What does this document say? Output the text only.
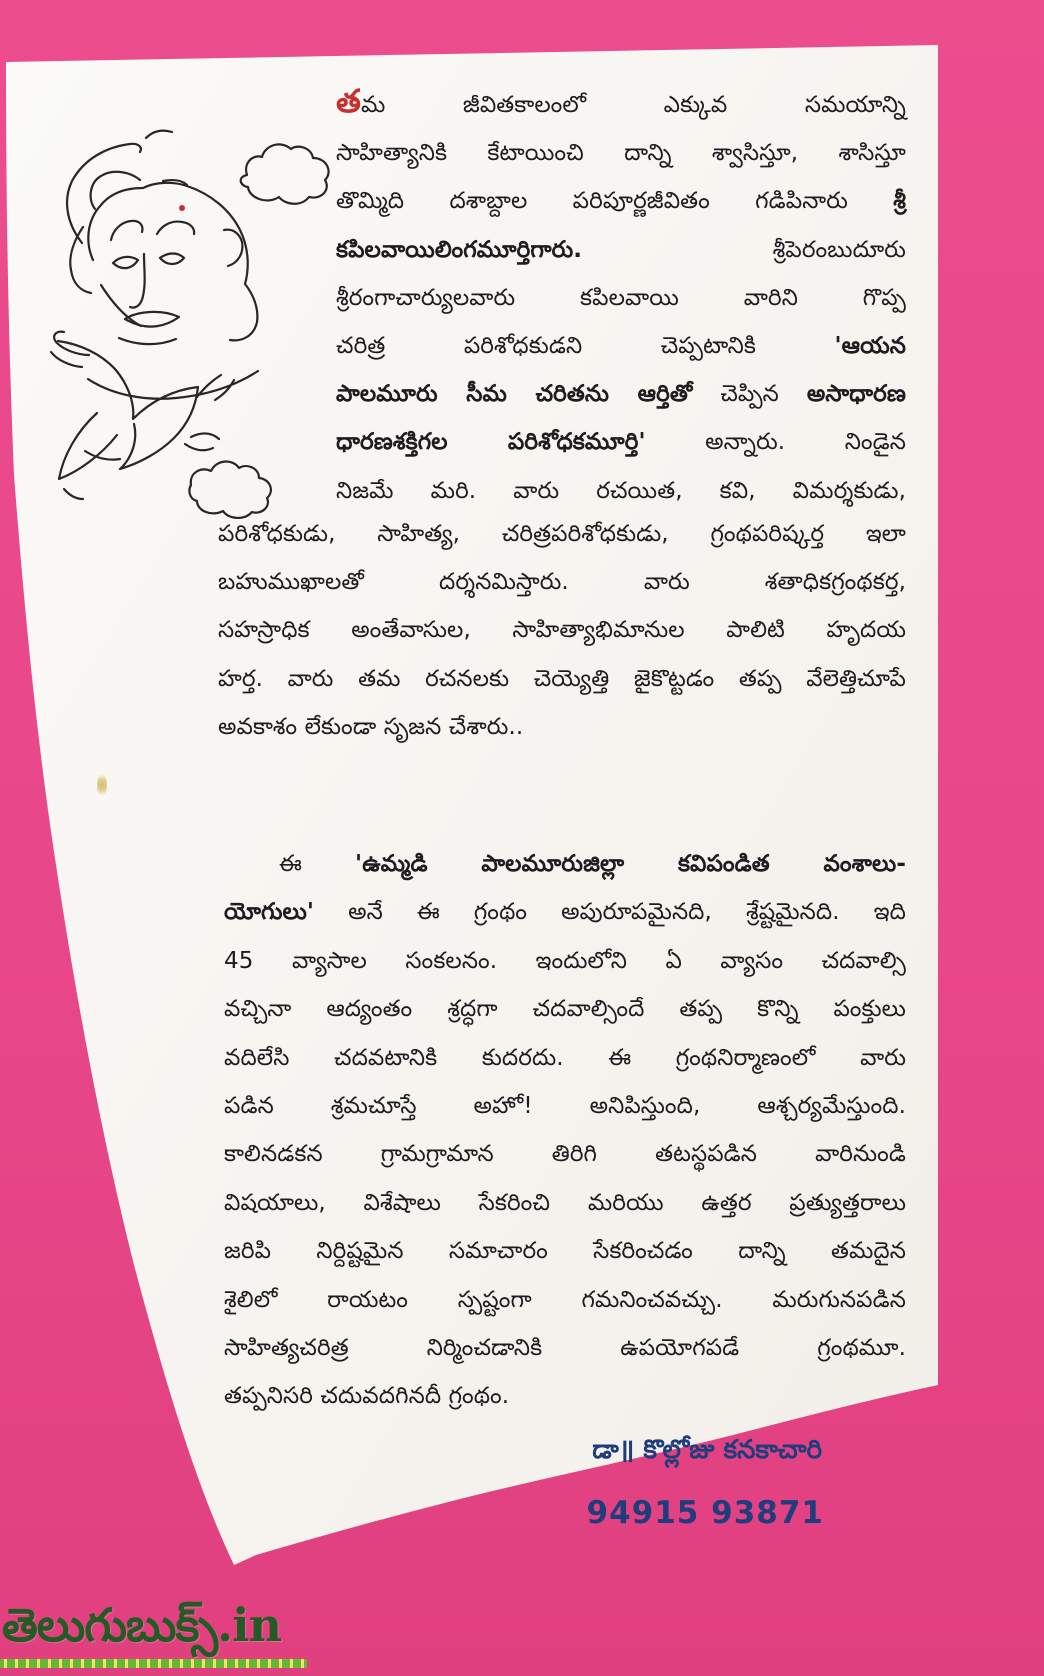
తమ జీవితకాలంలో ఎక్కువ సమయాన్ని
సాహిత్యానికి కేటాయించి దాన్ని శ్వాసిస్తూ, శాసిస్తూ
తొమ్మిది దశాబ్దాల పరిపూర్ణజీవితం గడిపినారు శ్రీ
కపిలవాయిలింగమూర్తిగారు. శ్రీపెరంబుదూరు
శ్రీరంగాచార్యులవారు కపిలవాయి వారిని గొప్ప
చరిత్ర పరిశోధకుడని చెప్పటానికి 'ఆయన
పాలమూరు సీమ చరితను ఆర్తితో చెప్పిన అసాధారణ
ధారణశక్తిగల పరిశోధకమూర్తి' అన్నారు. నిండైన
నిజమే మరి. వారు రచయిత, కవి, విమర్శకుడు,
పరిశోధకుడు, సాహిత్య, చరిత్రపరిశోధకుడు, గ్రంథపరిష్కర్త ఇలా
బహుముఖాలతో దర్శనమిస్తారు. వారు శతాధికగ్రంథకర్త,
సహస్రాధిక అంతేవాసుల, సాహిత్యాభిమానుల పాలిటి హృదయ
హర్త. వారు తమ రచనలకు చెయ్యెత్తి జైకొట్టడం తప్ప వేలెత్తిచూపే
అవకాశం లేకుండా సృజన చేశారు..
ఈ 'ఉమ్మడి పాలమూరుజిల్లా కవిపండిత వంశాలు-
యోగులు' అనే ఈ గ్రంథం అపురూపమైనది, శ్రేష్టమైనది. ఇది
45 వ్యాసాల సంకలనం. ఇందులోని ఏ వ్యాసం చదవాల్సి
వచ్చినా ఆద్యంతం శ్రద్ధగా చదవాల్సిందే తప్ప కొన్ని పంక్తులు
వదిలేసి చదవటానికి కుదరదు. ఈ గ్రంథనిర్మాణంలో వారు
పడిన శ్రమచూస్తే అహో! అనిపిస్తుంది, ఆశ్చర్యమేస్తుంది.
కాలినడకన గ్రామగ్రామాన తిరిగి తటస్థపడిన వారినుండి
విషయాలు, విశేషాలు సేకరించి మరియు ఉత్తర ప్రత్యుత్తరాలు
జరిపి నిర్దిష్టమైన సమాచారం సేకరించడం దాన్ని తమదైన
శైలిలో రాయటం స్పష్టంగా గమనించవచ్చు. మరుగునపడిన
సాహిత్యచరిత్ర నిర్మించడానికి ఉపయోగపడే గ్రంథమూ.
తప్పనిసరి చదువదగినదీ గ్రంథం.
డా॥ కొల్లోజు కనకాచారి
94915 93871
తెలుగుబుక్స్.in
